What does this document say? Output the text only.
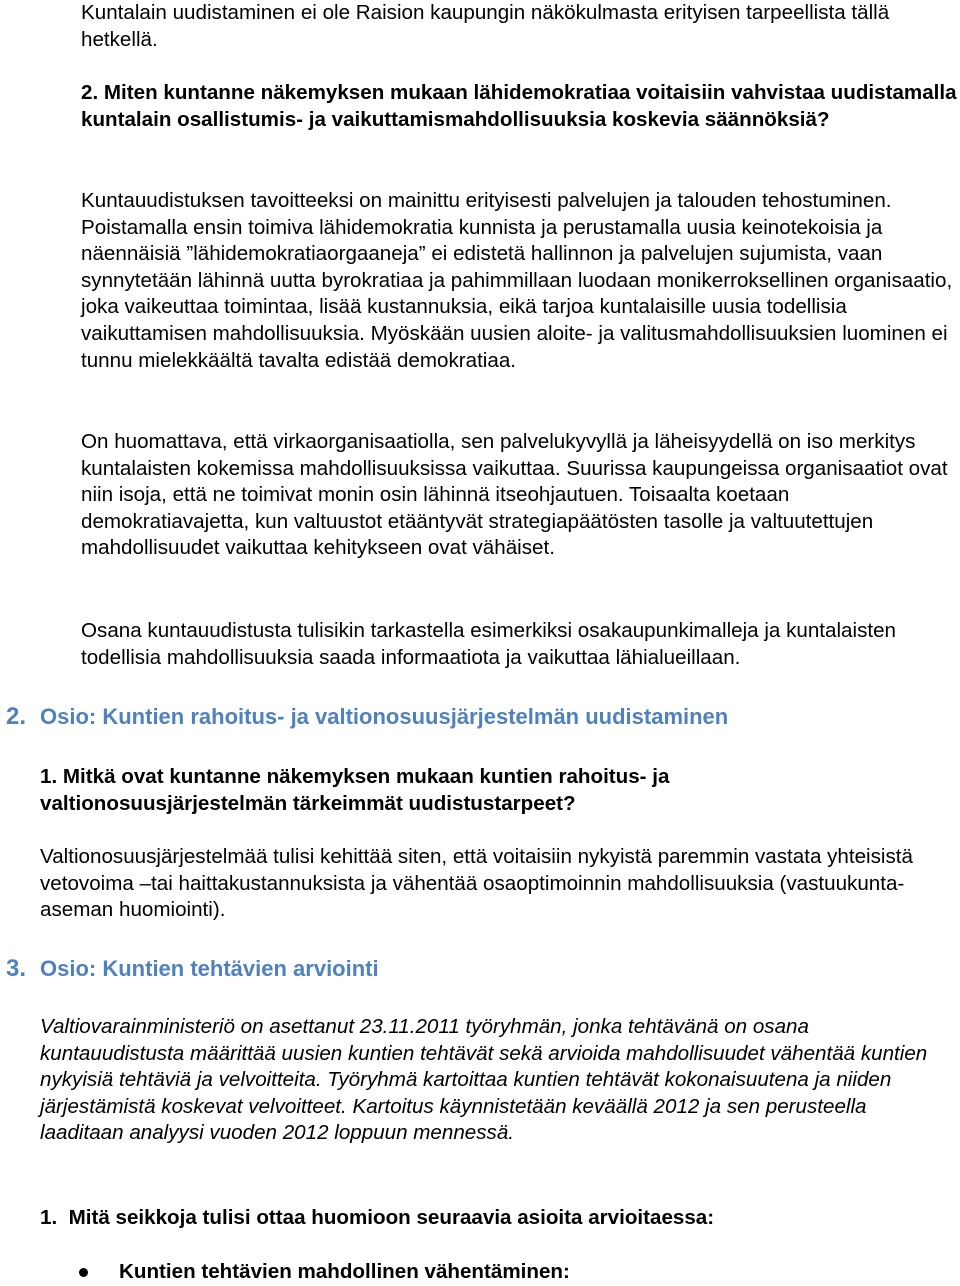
Kuntalain uudistaminen ei ole Raision kaupungin näkökulmasta erityisen tarpeellista tällä hetkellä.

2. Miten kuntanne näkemyksen mukaan lähidemokratiaa voitaisiin vahvistaa uudistamalla kuntalain osallistumis- ja vaikuttamismahdollisuuksia koskevia säännöksiä?

Kuntauudistuksen tavoitteeksi on mainittu erityisesti palvelujen ja talouden tehostuminen. Poistamalla ensin toimiva lähidemokratia kunnista ja perustamalla uusia keinotekoisia ja näennäisiä ”lähidemokratiaorgaaneja” ei edistetä hallinnon ja palvelujen sujumista, vaan synnytetään lähinnä uutta byrokratiaa ja pahimmillaan luodaan monikerroksellinen organisaatio, joka vaikeuttaa toimintaa, lisää kustannuksia, eikä tarjoa kuntalaisille uusia todellisia vaikuttamisen mahdollisuuksia. Myöskään uusien aloite- ja valitusmahdollisuuksien luominen ei tunnu mielekkäältä tavalta edistää demokratiaa.

On huomattava, että virkaorganisaatiolla, sen palvelukyvyllä ja läheisyydellä on iso merkitys kuntalaisten kokemissa mahdollisuuksissa vaikuttaa. Suurissa kaupungeissa organisaatiot ovat niin isoja, että ne toimivat monin osin lähinnä itseohjautuen. Toisaalta koetaan demokratiavajetta, kun valtuustot etääntyvät strategiapäätösten tasolle ja valtuutettujen mahdollisuudet vaikuttaa kehitykseen ovat vähäiset.

Osana kuntauudistusta tulisikin tarkastella esimerkiksi osakaupunkimalleja ja kuntalaisten todellisia mahdollisuuksia saada informaatiota ja vaikuttaa lähialueillaan.

2. Osio: Kuntien rahoitus- ja valtionosuusjärjestelmän uudistaminen

1. Mitkä ovat kuntanne näkemyksen mukaan kuntien rahoitus- ja valtionosuusjärjestelmän tärkeimmät uudistustarpeet?

Valtionosuusjärjestelmää tulisi kehittää siten, että voitaisiin nykyistä paremmin vastata yhteisistä vetovoima –tai haittakustannuksista ja vähentää osaoptimoinnin mahdollisuuksia (vastuukunta-aseman huomiointi).

3. Osio: Kuntien tehtävien arviointi

Valtiovarainministeriö on asettanut 23.11.2011 työryhmän, jonka tehtävänä on osana kuntauudistusta määrittää uusien kuntien tehtävät sekä arvioida mahdollisuudet vähentää kuntien nykyisiä tehtäviä ja velvoitteita. Työryhmä kartoittaa kuntien tehtävät kokonaisuutena ja niiden järjestämistä koskevat velvoitteet. Kartoitus käynnistetään keväällä 2012 ja sen perusteella laaditaan analyysi vuoden 2012 loppuun mennessä.

1.  Mitä seikkoja tulisi ottaa huomioon seuraavia asioita arvioitaessa:

Kuntien tehtävien mahdollinen vähentäminen:
